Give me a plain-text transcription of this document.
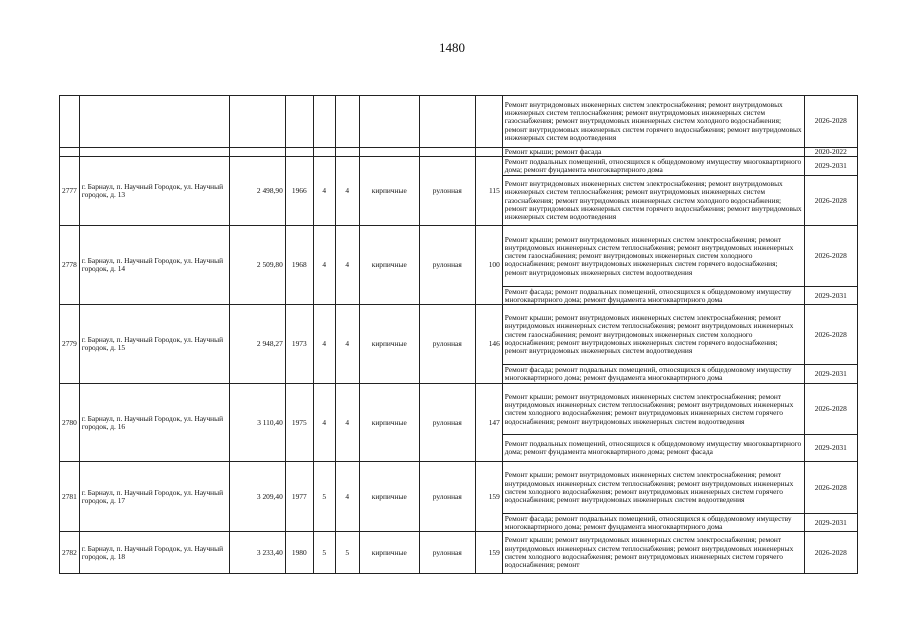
1480
									Ремонт внутридомовых инженерных систем электроснабжения; ремонт внутридомовых инженерных систем теплоснабжения; ремонт внутридомовых инженерных систем газоснабжения; ремонт внутридомовых инженерных систем холодного водоснабжения; ремонт внутридомовых инженерных систем горячего водоснабжения; ремонт внутридомовых инженерных систем водоотведения	2026-2028
									Ремонт крыши; ремонт фасада	2020-2022
2777	г. Барнаул, п. Научный Городок, ул. Научный городок, д. 13	2 498,90	1966	4	4	кирпичные	рулонная	115	Ремонт подвальных помещений, относящихся к общедомовому имуществу многоквартирного дома; ремонт фундамента многоквартирного дома	2029-2031
									Ремонт внутридомовых инженерных систем электроснабжения; ремонт внутридомовых инженерных систем теплоснабжения; ремонт внутридомовых инженерных систем газоснабжения; ремонт внутридомовых инженерных систем холодного водоснабжения; ремонт внутридомовых инженерных систем горячего водоснабжения; ремонт внутридомовых инженерных систем водоотведения	2026-2028
2778	г. Барнаул, п. Научный Городок, ул. Научный городок, д. 14	2 509,80	1968	4	4	кирпичные	рулонная	100	Ремонт крыши; ремонт внутридомовых инженерных систем электроснабжения; ремонт внутридомовых инженерных систем теплоснабжения; ремонт внутридомовых инженерных систем газоснабжения; ремонт внутридомовых инженерных систем холодного водоснабжения; ремонт внутридомовых инженерных систем горячего водоснабжения; ремонт внутридомовых инженерных систем водоотведения	2026-2028
									Ремонт фасада; ремонт подвальных помещений, относящихся к общедомовому имуществу многоквартирного дома; ремонт фундамента многоквартирного дома	2029-2031
2779	г. Барнаул, п. Научный Городок, ул. Научный городок, д. 15	2 948,27	1973	4	4	кирпичные	рулонная	146	Ремонт крыши; ремонт внутридомовых инженерных систем электроснабжения; ремонт внутридомовых инженерных систем теплоснабжения; ремонт внутридомовых инженерных систем газоснабжения; ремонт внутридомовых инженерных систем холодного водоснабжения; ремонт внутридомовых инженерных систем горячего водоснабжения; ремонт внутридомовых инженерных систем водоотведения	2026-2028
									Ремонт фасада; ремонт подвальных помещений, относящихся к общедомовому имуществу многоквартирного дома; ремонт фундамента многоквартирного дома	2029-2031
2780	г. Барнаул, п. Научный Городок, ул. Научный городок, д. 16	3 110,40	1975	4	4	кирпичные	рулонная	147	Ремонт крыши; ремонт внутридомовых инженерных систем электроснабжения; ремонт внутридомовых инженерных систем теплоснабжения; ремонт внутридомовых инженерных систем холодного водоснабжения; ремонт внутридомовых инженерных систем горячего водоснабжения; ремонт внутридомовых инженерных систем водоотведения	2026-2028
									Ремонт подвальных помещений, относящихся к общедомовому имуществу многоквартирного дома; ремонт фундамента многоквартирного дома; ремонт фасада	2029-2031
2781	г. Барнаул, п. Научный Городок, ул. Научный городок, д. 17	3 209,40	1977	5	4	кирпичные	рулонная	159	Ремонт крыши; ремонт внутридомовых инженерных систем электроснабжения; ремонт внутридомовых инженерных систем теплоснабжения; ремонт внутридомовых инженерных систем холодного водоснабжения; ремонт внутридомовых инженерных систем горячего водоснабжения; ремонт внутридомовых инженерных систем водоотведения	2026-2028
									Ремонт фасада; ремонт подвальных помещений, относящихся к общедомовому имуществу многоквартирного дома; ремонт фундамента многоквартирного дома	2029-2031
2782	г. Барнаул, п. Научный Городок, ул. Научный городок, д. 18	3 233,40	1980	5	5	кирпичные	рулонная	159	Ремонт крыши; ремонт внутридомовых инженерных систем электроснабжения; ремонт внутридомовых инженерных систем теплоснабжения; ремонт внутридомовых инженерных систем холодного водоснабжения; ремонт внутридомовых инженерных систем горячего водоснабжения; ремонт	2026-2028
